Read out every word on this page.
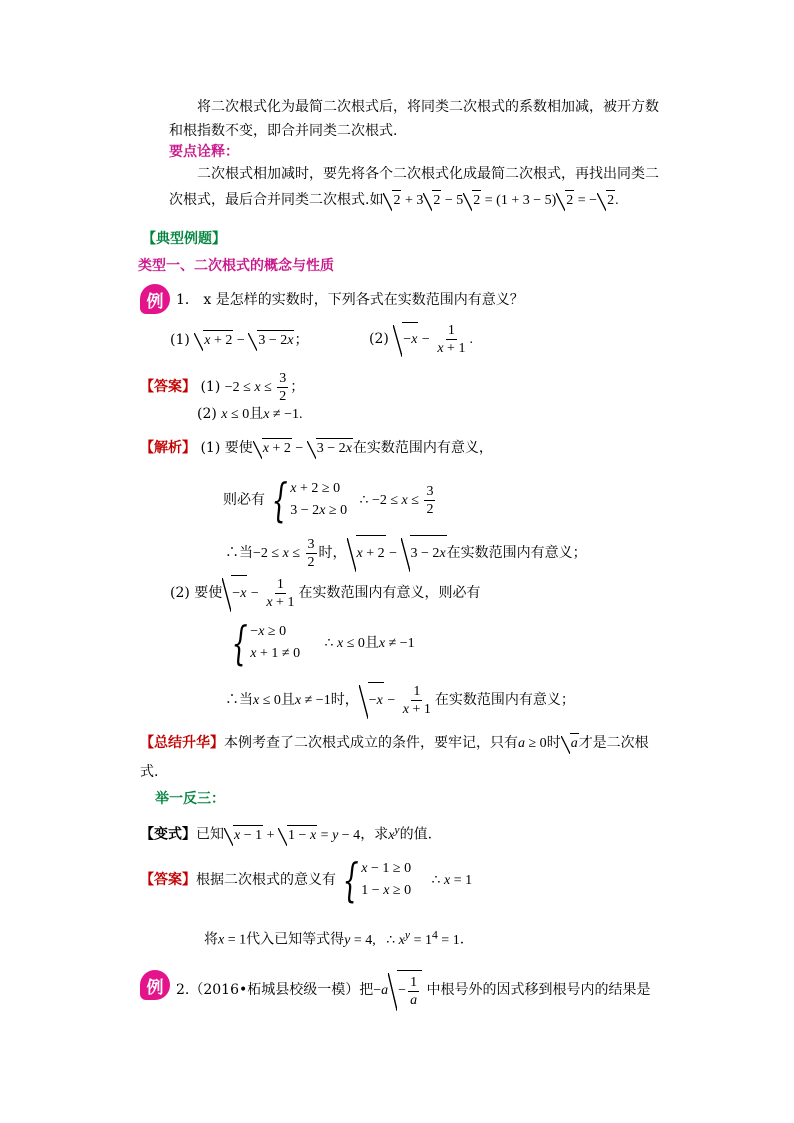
将二次根式化为最简二次根式后，将同类二次根式的系数相加减，被开方数
和根指数不变，即合并同类二次根式.
要点诠释：
二次根式相加减时，要先将各个二次根式化成最简二次根式，再找出同类二
次根式，最后合并同类二次根式.如 2 + 3 2 − 5 2 = (1 + 3 − 5) 2 = − 2.
【典型例题】
类型一、二次根式的概念与性质
例 1． x 是怎样的实数时，下列各式在实数范围内有意义？
(1) x + 2 − 3 − 2x；	$(2) -x - \frac{1}{x + 1}$ .
【答案】 $(1) -2 \le x \le \frac{3}{2}$ ；
(2) x ≤ 0且x ≠ −1.
【解析】 (1) 要使 x + 2 − 3 − 2x在实数范围内有意义，
则必有 { x + 2 ≥ 0
3 − 2x ≥ 0
∴ $-2 \le x \le \frac{3}{2}$
∴当$-2 \le x \le \frac{3}{2}$ 时， x + 2 − 3 − 2x在实数范围内有意义；
(2) 要使 $-x - \frac{1}{x + 1}$ 在实数范围内有意义，则必有
{ −x ≥ 0
x + 1 ≠ 0
∴ x ≤ 0且x ≠ −1
∴当x ≤ 0且x ≠ −1时， $-x - \frac{1}{x + 1}$ 在实数范围内有意义；
【总结升华】本例考查了二次根式成立的条件，要牢记，只有a ≥ 0时 a才是二次根
式.
举一反三：
【变式】已知 x − 1 + 1 − x = y − 4，求$x^y$的值.
【答案】根据二次根式的意义有 { x − 1 ≥ 0
1 − x ≥ 0
∴ x = 1
将x = 1代入已知等式得y = 4,   ∴ $x^y = 1^4 = 1$.
例 2.（2016•柘城县校级一模）把$-a - \frac{1}{a}$ 中根号外的因式移到根号内的结果是
